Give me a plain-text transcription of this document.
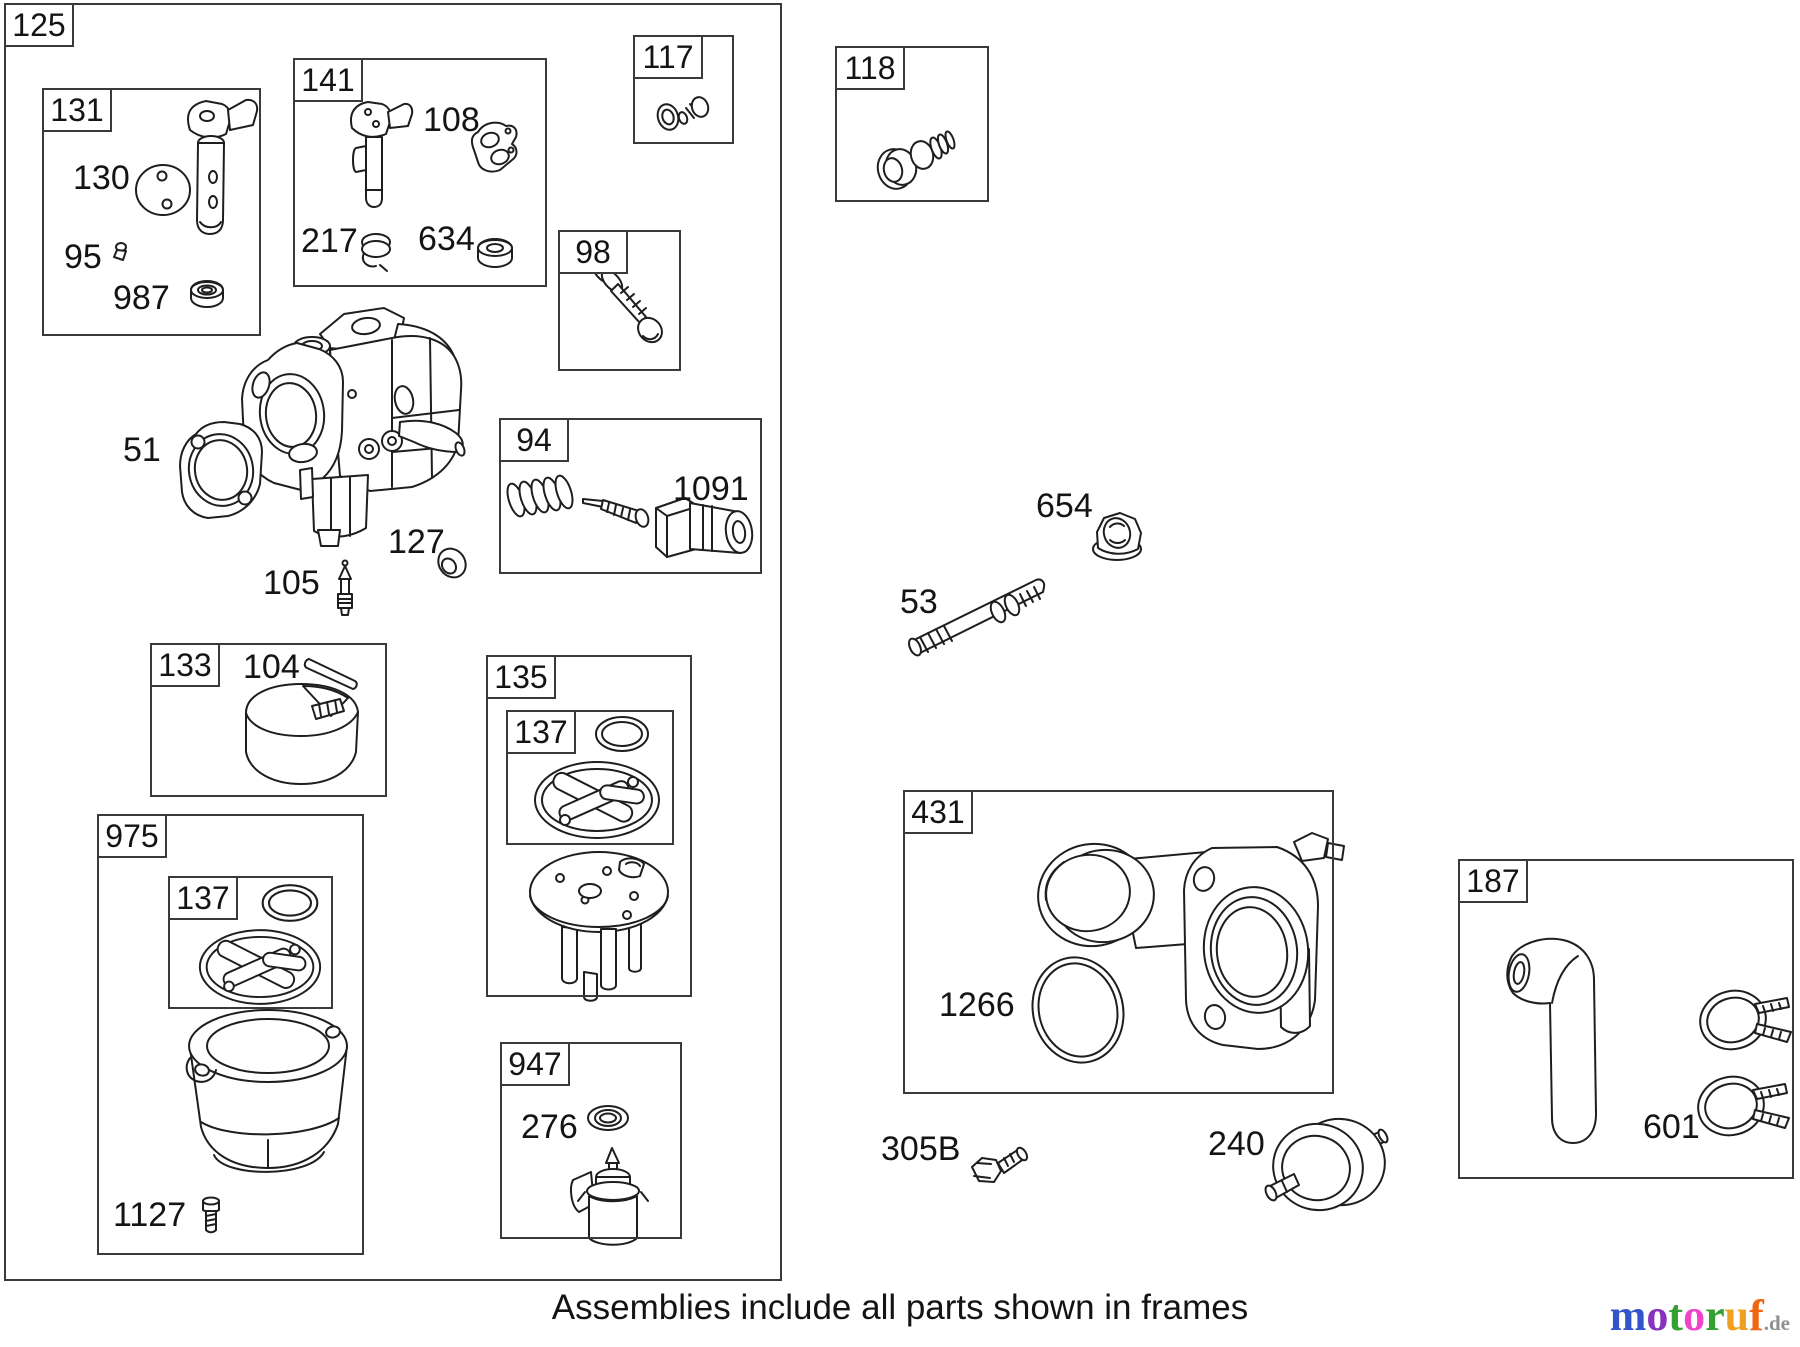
125
131
141
117	118
98
94
133	135
137
975
137
947
431
187
130
95
987
108
217 634
51
127
105
104
1091
53
654
1266
276
1127
305B	240	601
Assemblies include all parts shown in frames	motoruf.de
